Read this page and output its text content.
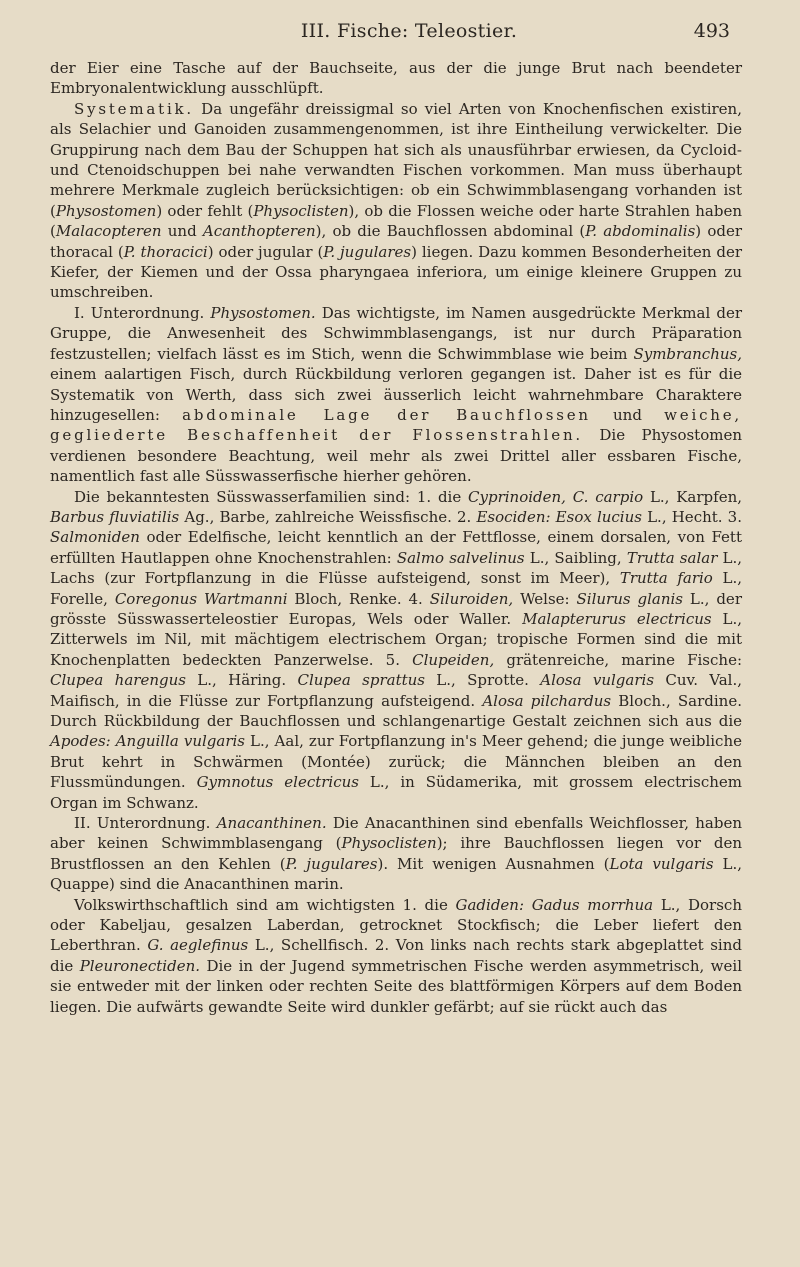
III. Fische: Teleostier.	493

der Eier eine Tasche auf der Bauchseite, aus der die junge Brut nach beendeter Embryonalentwicklung ausschlüpft.

Systematik. Da ungefähr dreissigmal so viel Arten von Knochenfischen existiren, als Selachier und Ganoiden zusammengenommen, ist ihre Eintheilung verwickelter. Die Gruppirung nach dem Bau der Schuppen hat sich als unausführbar erwiesen, da Cycloid- und Ctenoidschuppen bei nahe verwandten Fischen vorkommen. Man muss überhaupt mehrere Merkmale zugleich berücksichtigen: ob ein Schwimmblasengang vorhanden ist (Physostomen) oder fehlt (Physoclisten), ob die Flossen weiche oder harte Strahlen haben (Malacopteren und Acanthopteren), ob die Bauchflossen abdominal (P. abdominalis) oder thoracal (P. thoracici) oder jugular (P. jugulares) liegen. Dazu kommen Besonderheiten der Kiefer, der Kiemen und der Ossa pharyngaea inferiora, um einige kleinere Gruppen zu umschreiben.

I. Unterordnung. Physostomen. Das wichtigste, im Namen ausgedrückte Merkmal der Gruppe, die Anwesenheit des Schwimmblasengangs, ist nur durch Präparation festzustellen; vielfach lässt es im Stich, wenn die Schwimmblase wie beim Symbranchus, einem aalartigen Fisch, durch Rückbildung verloren gegangen ist. Daher ist es für die Systematik von Werth, dass sich zwei äusserlich leicht wahrnehmbare Charaktere hinzugesellen: abdominale Lage der Bauchflossen und weiche, gegliederte Beschaffenheit der Flossenstrahlen. Die Physostomen verdienen besondere Beachtung, weil mehr als zwei Drittel aller essbaren Fische, namentlich fast alle Süsswasserfische hierher gehören.

Die bekanntesten Süsswasserfamilien sind: 1. die Cyprinoiden, C. carpio L., Karpfen, Barbus fluviatilis Ag., Barbe, zahlreiche Weissfische. 2. Esociden: Esox lucius L., Hecht. 3. Salmoniden oder Edelfische, leicht kenntlich an der Fettflosse, einem dorsalen, von Fett erfüllten Hautlappen ohne Knochenstrahlen: Salmo salvelinus L., Saibling, Trutta salar L., Lachs (zur Fortpflanzung in die Flüsse aufsteigend, sonst im Meer), Trutta fario L., Forelle, Coregonus Wartmanni Bloch, Renke. 4. Siluroiden, Welse: Silurus glanis L., der grösste Süsswasserteleostier Europas, Wels oder Waller. Malapterurus electricus L., Zitterwels im Nil, mit mächtigem electrischem Organ; tropische Formen sind die mit Knochenplatten bedeckten Panzerwelse. 5. Clupeiden, grätenreiche, marine Fische: Clupea harengus L., Häring. Clupea sprattus L., Sprotte. Alosa vulgaris Cuv. Val., Maifisch, in die Flüsse zur Fortpflanzung aufsteigend. Alosa pilchardus Bloch., Sardine. Durch Rückbildung der Bauchflossen und schlangenartige Gestalt zeichnen sich aus die Apodes: Anguilla vulgaris L., Aal, zur Fortpflanzung in's Meer gehend; die junge weibliche Brut kehrt in Schwärmen (Montée) zurück; die Männchen bleiben an den Flussmündungen. Gymnotus electricus L., in Südamerika, mit grossem electrischem Organ im Schwanz.

II. Unterordnung. Anacanthinen. Die Anacanthinen sind ebenfalls Weichflosser, haben aber keinen Schwimmblasengang (Physoclisten); ihre Bauchflossen liegen vor den Brustflossen an den Kehlen (P. jugulares). Mit wenigen Ausnahmen (Lota vulgaris L., Quappe) sind die Anacanthinen marin.

Volkswirthschaftlich sind am wichtigsten 1. die Gadiden: Gadus morrhua L., Dorsch oder Kabeljau, gesalzen Laberdan, getrocknet Stockfisch; die Leber liefert den Leberthran. G. aeglefinus L., Schellfisch. 2. Von links nach rechts stark abgeplattet sind die Pleuronectiden. Die in der Jugend symmetrischen Fische werden asymmetrisch, weil sie entweder mit der linken oder rechten Seite des blattförmigen Körpers auf dem Boden liegen. Die aufwärts gewandte Seite wird dunkler gefärbt; auf sie rückt auch das
